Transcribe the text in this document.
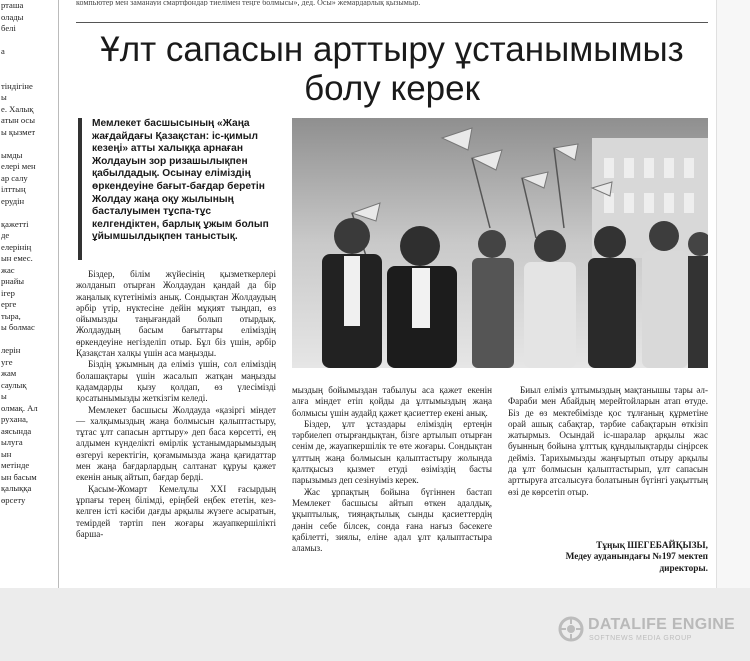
рташа
олады
бeлi

а

тiндiгiне
ы
е. Халық
атын осы
ы қызмет

ымды
елерi мен
ар салу
ілттың
ерудiн

қажеттi
де
елерiнiң
ын емес.
жас
рнайы
iгер
ерге
тыра,
ы болмас

лерiн
уге
жам
саулық
ы
олмақ. Ал
рухана,
аясында
ылуга
ын
метiнде
ын басым
қалыққа
өрсету
компьютер мен заманауи смартфондар тиелiмен теңге болмысы», дед. Осы» жемардарлық қызымыр.
Ұлт сапасын арттыру ұстанымымыз болу керек
Мемлекет басшысының «Жаңа жағдайдағы Қазақстан: іс-қимыл кезеңі» атты халыққа арнаған Жолдауын зор ризашылықпен қабылдадық. Осынау еліміздің өркендеуіне бағыт-бағдар беретін Жолдау жаңа оқу жылының басталуымен тұспа-тұс келгендіктен, барлық ұжым болып ұйымшылдықпен таныстық.

Біздер, білім жүйесінің қызметкерлері жолданып отырған Жолдаудан қандай да бір жаңалық күтетініміз анық. Сондықтан Жолдаудың әрбір үтір, нүктесіне дейін мұқият тыңдап, өз ойымызды таңығандай болып отырдық. Жолдаудың басым бағыттары еліміздің өркендеуіне негізделіп отыр. Бұл біз үшін, әрбір Қазақстан халқы үшін аса маңызды.

Біздің ұжымның да еліміз үшін, сол еліміздің болашақтары үшін жасалып жатқан маңызды қадамдарды қызу қолдап, өз үлесімізді қосатынымызды жеткізгім келеді.

Мемлекет басшысы Жолдауда «қазіргі міндет — халқымыздың жаңа болмысын қалыптастыру, тұтас ұлт сапасын арттыру» деп баса көрсетті, ең алдымен күнделікті өмірлік ұстанымдарымыздың өзгеруі керектігін, қоғамымызда жаңа қағидаттар мен жаңа бағдарлардың салтанат құруы қажет екенін анық айтып, бағдар берді.

Қасым-Жомарт Кемелұлы XXI ғасырдың ұрпағы терең білімді, еріңбей еңбек ететін, кез-келген істі кәсіби дағды арқылы жүзеге асыратын, темірдей тәртіп пен жоғары жауапкершілікті барша-

мыздың бойымыздан табылуы аса қажет екенін алға міндет етіп қойды да ұлтымыздың жаңа болмысы үшін аудайд қажет қасиеттер екені анық.

Біздер, ұлт ұстаздары еліміздің ертеңін тәрбиелеп отырғандықтан, бізге артылып отырған сенім де, жауапкершілік те өте жоғары. Сондықтан ұлттың жаңа болмысын қалыптастыру жолында қалтқысыз қызмет етуді өзіміздің басты парызымыз деп сезінуіміз керек.

Жас ұрпақтың бойына бүгіннен бастап Мемлекет басшысы айтып өткен адалдық, ұқыптылық, тияңақтылық сынды қасиеттердің дәнін себе білсек, сонда ғана нағыз бәсекеге қабілетті, зиялы, еліне адал ұлт қалыптастыра аламыз.

Биыл еліміз ұлтымыздың мақтанышы тары әл-Фараби мен Абайдың мерейтойларын атап өтуде. Біз де өз мектебімізде қос тұлғаның құрметіне орай ашық сабақтар, тәрбие сабақтарын өткізіп жатырмыз. Осындай іс-шаралар арқылы жас буынның бойына ұлттық құндылықтарды сіңірсек дейміз. Тарихымызды жаңғыртып отыру арқылы да ұлт болмысын қалыптастырып, ұлт сапасын арттыруға атсалысуға болатынын бүгінгі уақыттың өзі де көрсетіп отыр.

Тұңық ШЕГЕБАЙҚЫЗЫ,
Медеу ауданындағы №197 мектеп
директоры.
DATALIFE ENGINE
SOFTNEWS MEDIA GROUP
